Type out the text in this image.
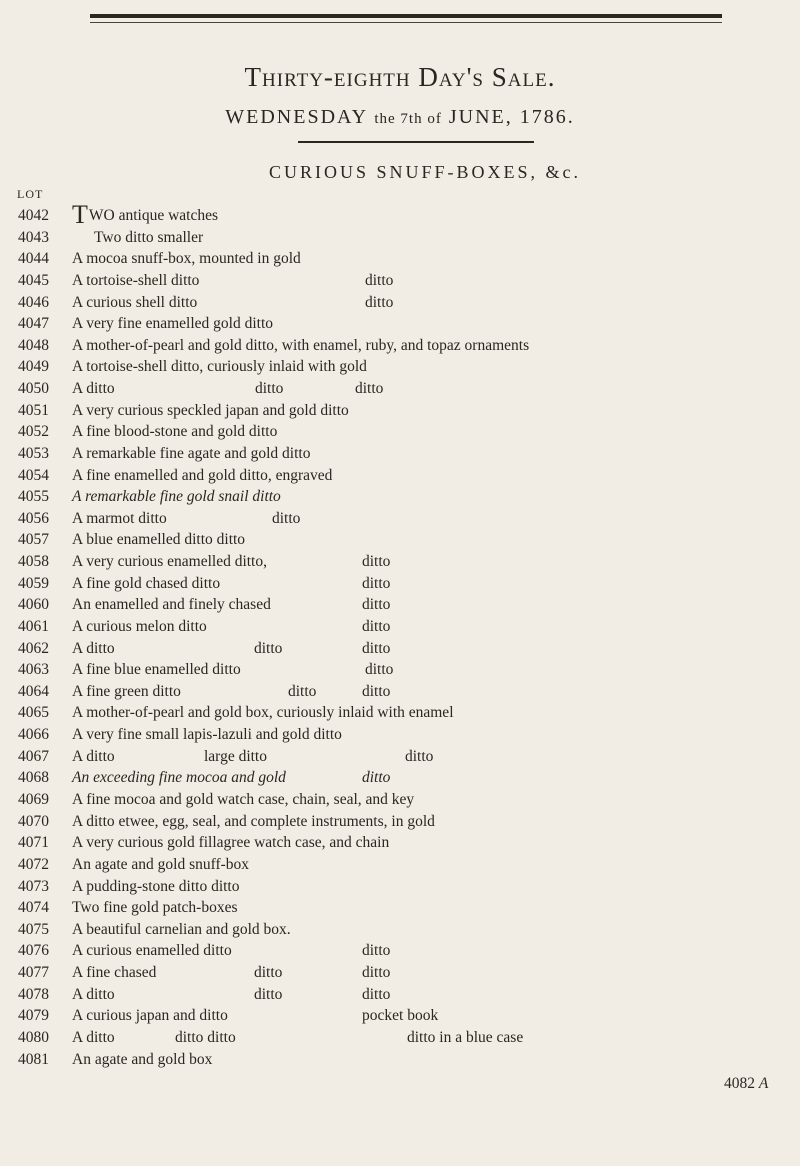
Thirty-eighth Day's Sale.
WEDNESDAY the 7th of JUNE, 1786.
CURIOUS SNUFF-BOXES, &c.
LOT
4042 TWO antique watches
4043	Two ditto smaller
4044 A mocoa snuff-box, mounted in gold
4045 A tortoise-shell ditto	ditto
4046 A curious shell ditto	ditto
4047 A very fine enamelled gold ditto
4048 A mother-of-pearl and gold ditto, with enamel, ruby, and topaz ornaments
4049 A tortoise-shell ditto, curiously inlaid with gold
4050 A ditto	ditto	ditto
4051 A very curious speckled japan and gold ditto
4052 A fine blood-stone and gold ditto
4053 A remarkable fine agate and gold ditto
4054 A fine enamelled and gold ditto, engraved
4055 A remarkable fine gold snail ditto
4056 A marmot ditto	ditto
4057 A blue enamelled ditto ditto
4058 A very curious enamelled ditto,	ditto
4059 A fine gold chased ditto	ditto
4060 An enamelled and finely chased	ditto
4061 A curious melon ditto	ditto
4062 A ditto	ditto	ditto
4063 A fine blue enamelled ditto	ditto
4064 A fine green ditto	ditto	ditto
4065 A mother-of-pearl and gold box, curiously inlaid with enamel
4066 A very fine small lapis-lazuli and gold ditto
4067 A ditto	large ditto	ditto
4068 An exceeding fine mocoa and gold	ditto
4069 A fine mocoa and gold watch case, chain, seal, and key
4070 A ditto etwee, egg, seal, and complete instruments, in gold
4071 A very curious gold fillagree watch case, and chain
4072 An agate and gold snuff-box
4073 A pudding-stone ditto ditto
4074 Two fine gold patch-boxes
4075 A beautiful carnelian and gold box.
4076 A curious enamelled ditto	ditto
4077 A fine chased	ditto	ditto
4078 A ditto	ditto	ditto
4079 A curious japan and ditto	pocket book
4080 A ditto	ditto ditto	ditto in a blue case
4081 An agate and gold box
4082 A
